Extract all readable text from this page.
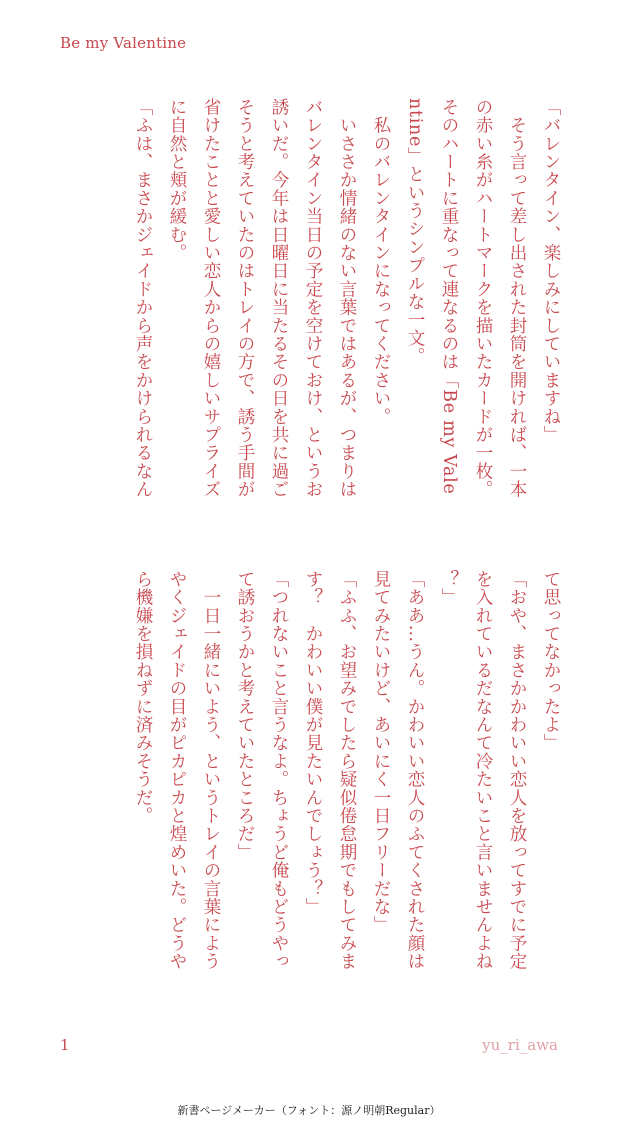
Be my Valentine
「バレンタイン、楽しみにしていますね」
　そう言って差し出された封筒を開ければ、一本
の赤い糸がハートマークを描いたカードが一枚。
そのハートに重なって連なるのは「Be my Vale
ntine」というシンプルな一文。
　私のバレンタインになってください。
　いささか情緒のない言葉ではあるが、つまりは
バレンタイン当日の予定を空けておけ、というお
誘いだ。今年は日曜日に当たるその日を共に過ご
そうと考えていたのはトレイの方で、誘う手間が
省けたことと愛しい恋人からの嬉しいサプライズ
に自然と頬が緩む。
「ふは、まさかジェイドから声をかけられるなん
て思ってなかったよ」
「おや、まさかかわいい恋人を放ってすでに予定
を入れているだなんて冷たいこと言いませんよね
？」
「ああ…うん。かわいい恋人のふてくされた顔は
見てみたいけど、あいにく一日フリーだな」
「ふふ、お望みでしたら疑似倦怠期でもしてみま
す？　かわいい僕が見たいんでしょう？」
「つれないこと言うなよ。ちょうど俺もどうやっ
て誘おうかと考えていたところだ」
　一日一緒にいよう、というトレイの言葉によう
やくジェイドの目がピカピカと煌めいた。どうや
ら機嫌を損ねずに済みそうだ。
1	yu_ri_awa
新書ページメーカー（フォント：源ノ明朝Regular）
